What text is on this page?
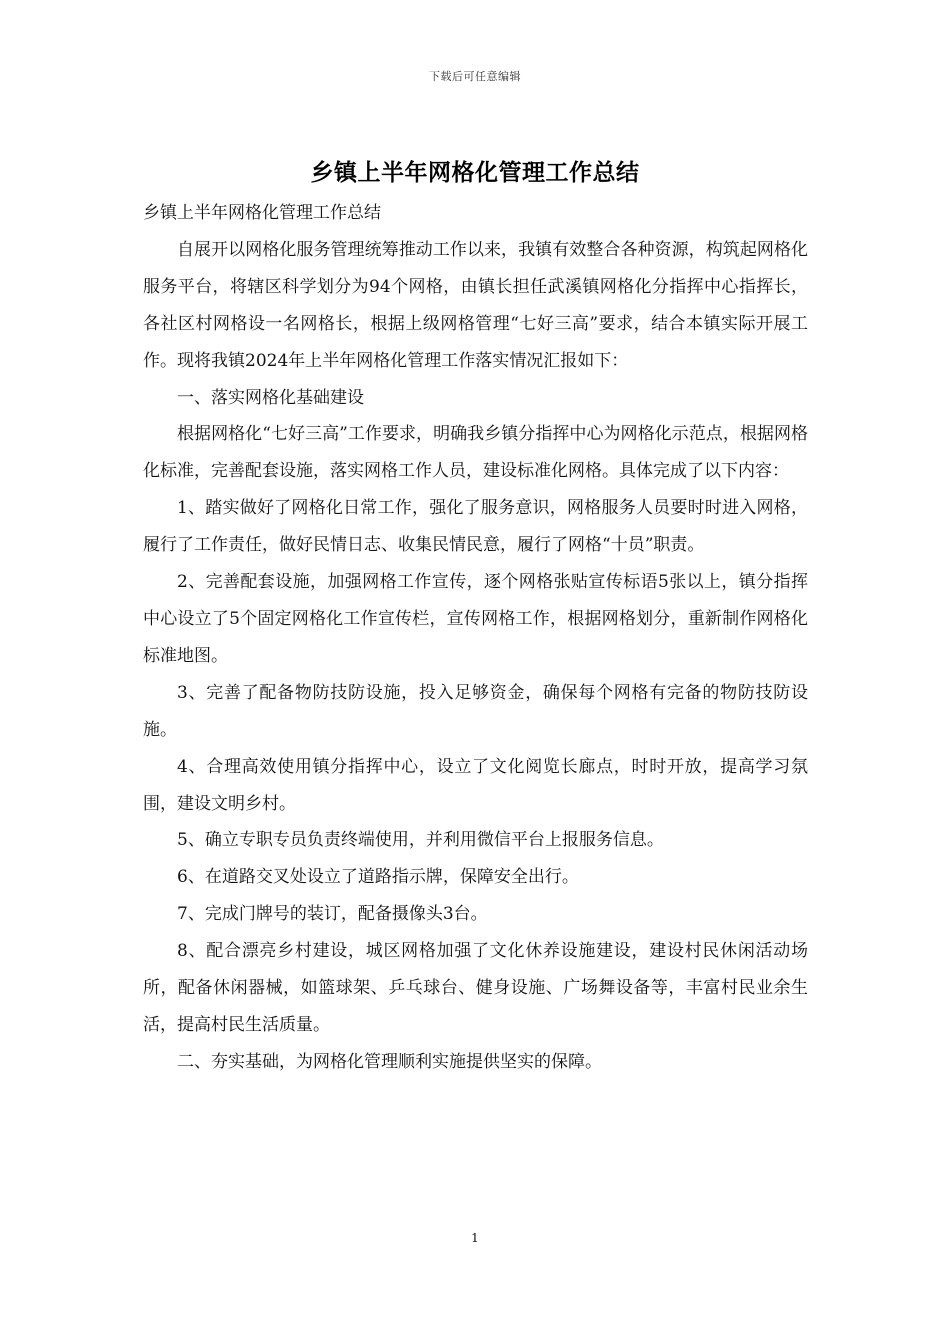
下载后可任意编辑
乡镇上半年网格化管理工作总结

乡镇上半年网格化管理工作总结

自展开以网格化服务管理统筹推动工作以来，我镇有效整合各种资源，构筑起网格化服务平台，将辖区科学划分为94个网格，由镇长担任武溪镇网格化分指挥中心指挥长，各社区村网格设一名网格长，根据上级网格管理“七好三高”要求，结合本镇实际开展工作。现将我镇2024年上半年网格化管理工作落实情况汇报如下：

一、落实网格化基础建设

根据网格化“七好三高”工作要求，明确我乡镇分指挥中心为网格化示范点，根据网格化标准，完善配套设施，落实网格工作人员，建设标准化网格。具体完成了以下内容：

1、踏实做好了网格化日常工作，强化了服务意识，网格服务人员要时时进入网格，履行了工作责任，做好民情日志、收集民情民意，履行了网格“十员”职责。

2、完善配套设施，加强网格工作宣传，逐个网格张贴宣传标语5张以上，镇分指挥中心设立了5个固定网格化工作宣传栏，宣传网格工作，根据网格划分，重新制作网格化标准地图。

3、完善了配备物防技防设施，投入足够资金，确保每个网格有完备的物防技防设施。

4、合理高效使用镇分指挥中心，设立了文化阅览长廊点，时时开放，提高学习氛围，建设文明乡村。

5、确立专职专员负责终端使用，并利用微信平台上报服务信息。

6、在道路交叉处设立了道路指示牌，保障安全出行。

7、完成门牌号的装订，配备摄像头3台。

8、配合漂亮乡村建设，城区网格加强了文化休养设施建设，建设村民休闲活动场所，配备休闲器械，如篮球架、乒乓球台、健身设施、广场舞设备等，丰富村民业余生活，提高村民生活质量。

二、夯实基础，为网格化管理顺利实施提供坚实的保障。

1
